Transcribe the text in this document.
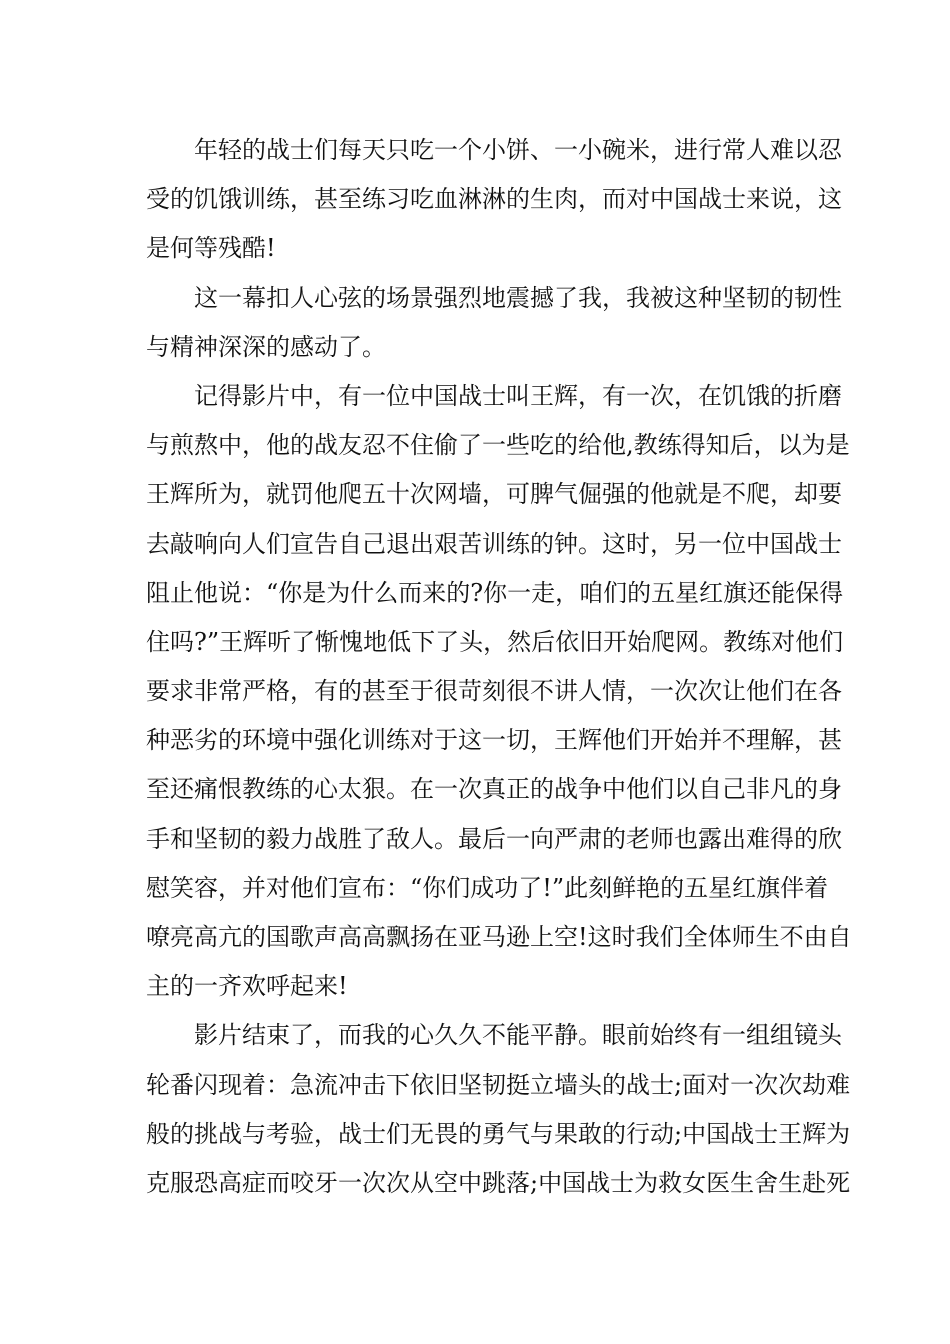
年轻的战士们每天只吃一个小饼、一小碗米，进行常人难以忍
受的饥饿训练，甚至练习吃血淋淋的生肉，而对中国战士来说，这
是何等残酷!
这一幕扣人心弦的场景强烈地震撼了我，我被这种坚韧的韧性
与精神深深的感动了。
记得影片中，有一位中国战士叫王辉，有一次，在饥饿的折磨
与煎熬中，他的战友忍不住偷了一些吃的给他,教练得知后，以为是
王辉所为，就罚他爬五十次网墙，可脾气倔强的他就是不爬，却要
去敲响向人们宣告自己退出艰苦训练的钟。这时，另一位中国战士
阻止他说：“你是为什么而来的?你一走，咱们的五星红旗还能保得
住吗?”王辉听了惭愧地低下了头，然后依旧开始爬网。教练对他们
要求非常严格，有的甚至于很苛刻很不讲人情，一次次让他们在各
种恶劣的环境中强化训练对于这一切，王辉他们开始并不理解，甚
至还痛恨教练的心太狠。在一次真正的战争中他们以自己非凡的身
手和坚韧的毅力战胜了敌人。最后一向严肃的老师也露出难得的欣
慰笑容，并对他们宣布：“你们成功了!”此刻鲜艳的五星红旗伴着
嘹亮高亢的国歌声高高飘扬在亚马逊上空!这时我们全体师生不由自
主的一齐欢呼起来!
影片结束了，而我的心久久不能平静。眼前始终有一组组镜头
轮番闪现着：急流冲击下依旧坚韧挺立墙头的战士;面对一次次劫难
般的挑战与考验，战士们无畏的勇气与果敢的行动;中国战士王辉为
克服恐高症而咬牙一次次从空中跳落;中国战士为救女医生舍生赴死
